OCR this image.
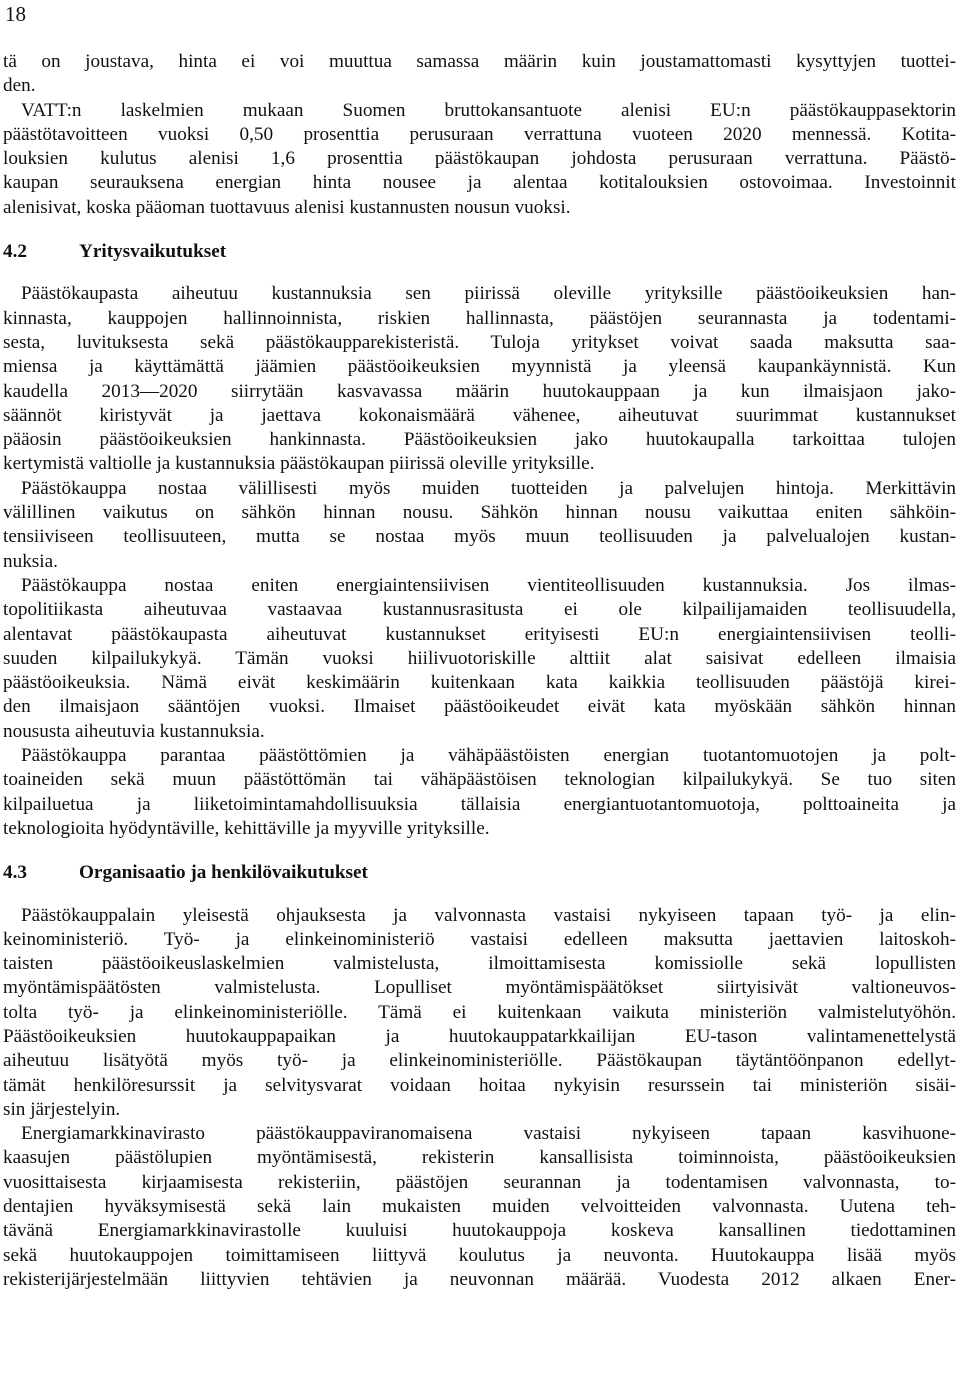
18
tä on joustava, hinta ei voi muuttua samassa määrin kuin joustamattomasti kysyttyjen tuottei-
den.
VATT:n laskelmien mukaan Suomen bruttokansantuote alenisi EU:n päästökauppasektorin
päästötavoitteen vuoksi 0,50 prosenttia perusuraan verrattuna vuoteen 2020 mennessä. Kotita-
louksien kulutus alenisi 1,6 prosenttia päästökaupan johdosta perusuraan verrattuna. Päästö-
kaupan seurauksena energian hinta nousee ja alentaa kotitalouksien ostovoimaa. Investoinnit
alenisivat, koska pääoman tuottavuus alenisi kustannusten nousun vuoksi.
4.2	Yritysvaikutukset
Päästökaupasta aiheutuu kustannuksia sen piirissä oleville yrityksille päästöoikeuksien han-
kinnasta, kauppojen hallinnoinnista, riskien hallinnasta, päästöjen seurannasta ja todentami-
sesta, luvituksesta sekä päästökaupparekisteristä. Tuloja yritykset voivat saada maksutta saa-
miensa ja käyttämättä jäämien päästöoikeuksien myynnistä ja yleensä kaupankäynnistä. Kun
kaudella 2013—2020 siirrytään kasvavassa määrin huutokauppaan ja kun ilmaisjaon jako-
säännöt kiristyvät ja jaettava kokonaismäärä vähenee, aiheutuvat suurimmat kustannukset
pääosin päästöoikeuksien hankinnasta. Päästöoikeuksien jako huutokaupalla tarkoittaa tulojen
kertymistä valtiolle ja kustannuksia päästökaupan piirissä oleville yrityksille.
Päästökauppa nostaa välillisesti myös muiden tuotteiden ja palvelujen hintoja. Merkittävin
välillinen vaikutus on sähkön hinnan nousu. Sähkön hinnan nousu vaikuttaa eniten sähköin-
tensiiviseen teollisuuteen, mutta se nostaa myös muun teollisuuden ja palvelualojen kustan-
nuksia.
Päästökauppa nostaa eniten energiaintensiivisen vientiteollisuuden kustannuksia. Jos ilmas-
topolitiikasta aiheutuvaa vastaavaa kustannusrasitusta ei ole kilpailijamaiden teollisuudella,
alentavat päästökaupasta aiheutuvat kustannukset erityisesti EU:n energiaintensiivisen teolli-
suuden kilpailukykyä. Tämän vuoksi hiilivuotoriskille alttiit alat saisivat edelleen ilmaisia
päästöoikeuksia. Nämä eivät keskimäärin kuitenkaan kata kaikkia teollisuuden päästöjä kirei-
den ilmaisjaon sääntöjen vuoksi. Ilmaiset päästöoikeudet eivät kata myöskään sähkön hinnan
noususta aiheutuvia kustannuksia.
Päästökauppa parantaa päästöttömien ja vähäpäästöisten energian tuotantomuotojen ja polt-
toaineiden sekä muun päästöttömän tai vähäpäästöisen teknologian kilpailukykyä. Se tuo siten
kilpailuetua ja liiketoimintamahdollisuuksia tällaisia energiantuotantomuotoja, polttoaineita ja
teknologioita hyödyntäville, kehittäville ja myyville yrityksille.
4.3	Organisaatio ja henkilövaikutukset
Päästökauppalain yleisestä ohjauksesta ja valvonnasta vastaisi nykyiseen tapaan työ- ja elin-
keinoministeriö. Työ- ja elinkeinoministeriö vastaisi edelleen maksutta jaettavien laitoskoh-
taisten päästöoikeuslaskelmien valmistelusta, ilmoittamisesta komissiolle sekä lopullisten
myöntämispäätösten valmistelusta. Lopulliset myöntämispäätökset siirtyisivät valtioneuvos-
tolta työ- ja elinkeinoministeriölle. Tämä ei kuitenkaan vaikuta ministeriön valmistelutyöhön.
Päästöoikeuksien huutokauppapaikan ja huutokauppatarkkailijan EU-tason valintamenettelystä
aiheutuu lisätyötä myös työ- ja elinkeinoministeriölle. Päästökaupan täytäntöönpanon edellyt-
tämät henkilöresurssit ja selvitysvarat voidaan hoitaa nykyisin resurssein tai ministeriön sisäi-
sin järjestelyin.
Energiamarkkinavirasto päästökauppaviranomaisena vastaisi nykyiseen tapaan kasvihuone-
kaasujen päästölupien myöntämisestä, rekisterin kansallisista toiminnoista, päästöoikeuksien
vuosittaisesta kirjaamisesta rekisteriin, päästöjen seurannan ja todentamisen valvonnasta, to-
dentajien hyväksymisestä sekä lain mukaisten muiden velvoitteiden valvonnasta. Uutena teh-
tävänä Energiamarkkinavirastolle kuuluisi huutokauppoja koskeva kansallinen tiedottaminen
sekä huutokauppojen toimittamiseen liittyvä koulutus ja neuvonta. Huutokauppa lisää myös
rekisterijärjestelmään liittyvien tehtävien ja neuvonnan määrää. Vuodesta 2012 alkaen Ener-
